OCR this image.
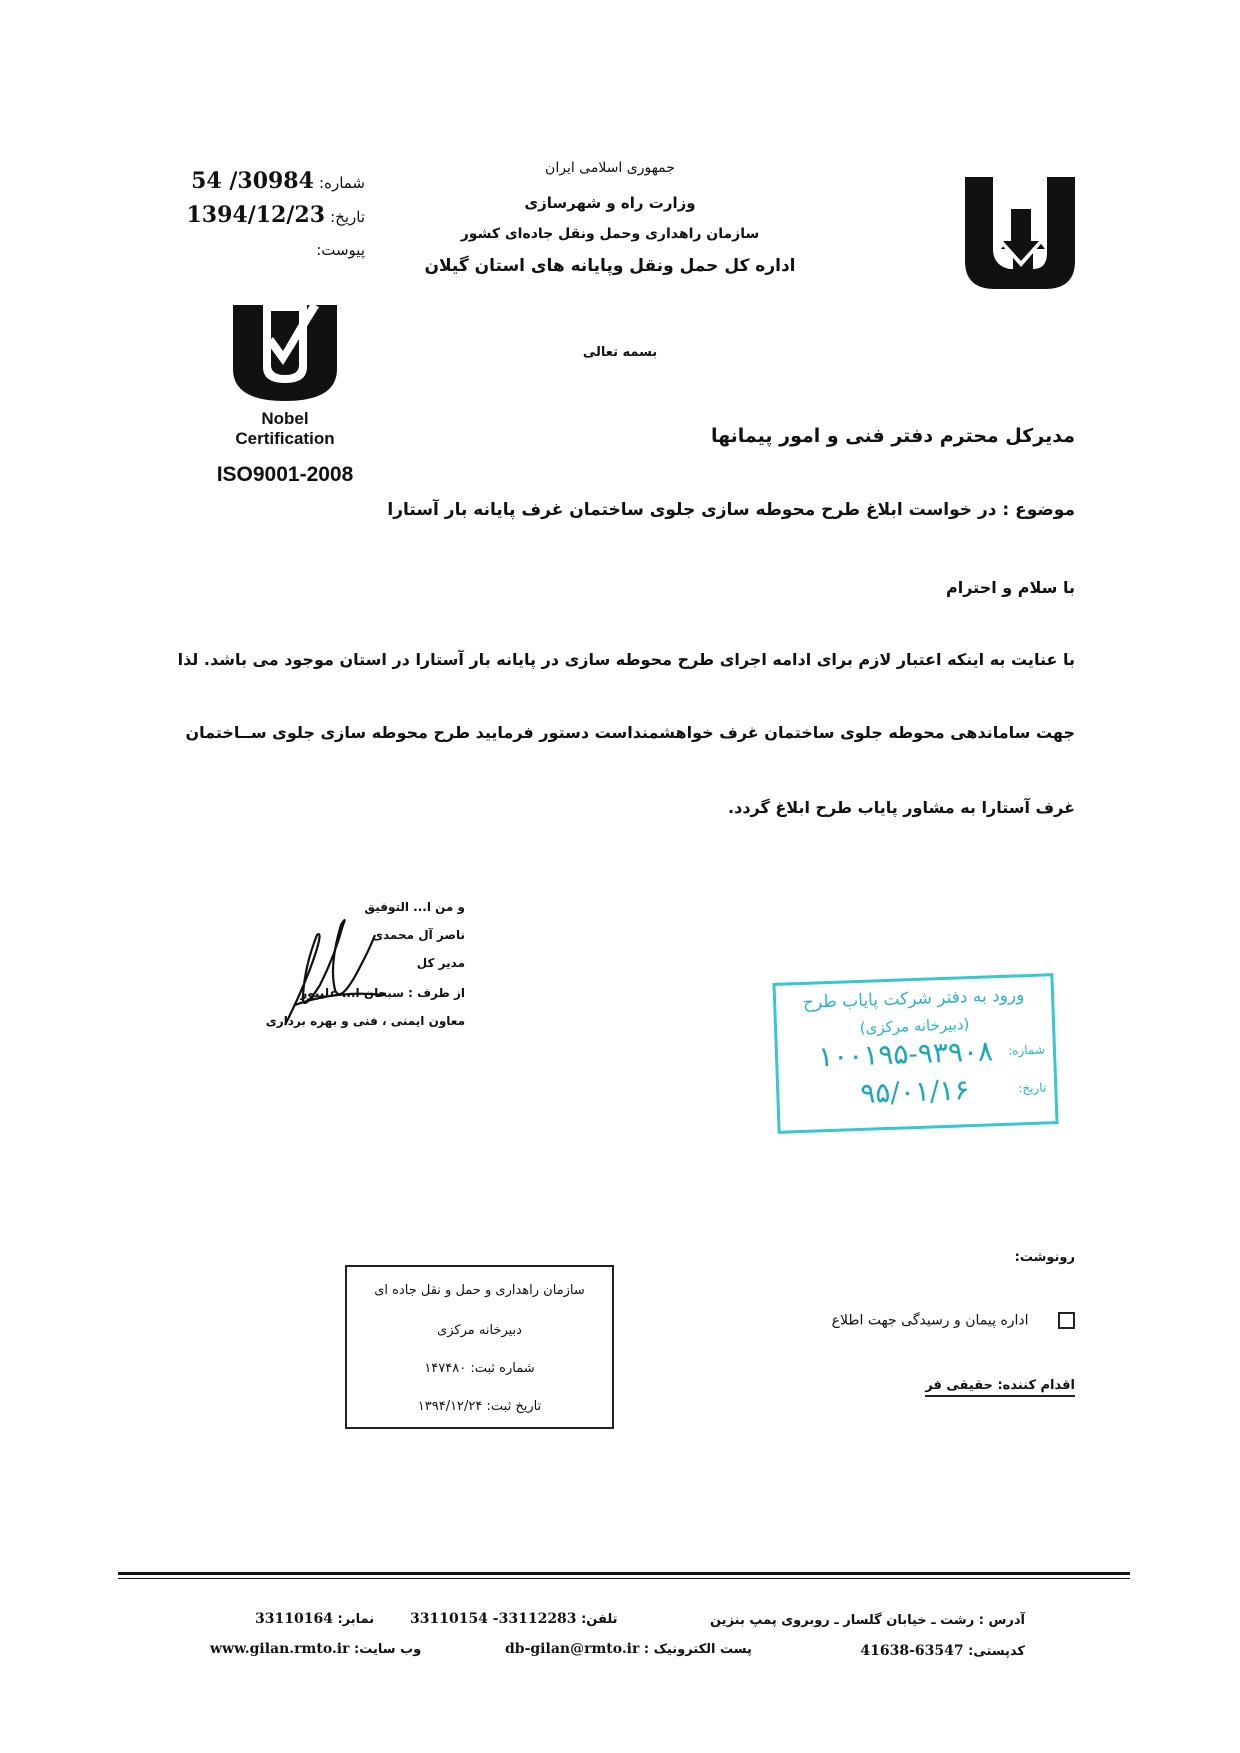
جمهوری اسلامی ایران
وزارت راه و شهرسازی
سازمان راهداری وحمل ونقل جاده‌ای کشور
اداره کل حمل ونقل وپایانه های استان گیلان
شماره: 54 /30984
تاریخ: 1394/12/23
پیوست:
Nobel
Certification
ISO9001-2008
بسمه تعالی
مدیرکل محترم دفتر فنی و امور پیمانها
موضوع : در خواست ابلاغ طرح محوطه سازی جلوی ساختمان غرف پایانه بار آستارا
با سلام و احترام
با عنایت به اینکه اعتبار لازم برای ادامه اجرای طرح محوطه سازی در پایانه بار آستارا در استان موجود می باشد. لذا
جهت ساماندهی محوطه جلوی ساختمان غرف خواهشمنداست دستور فرمایید طرح محوطه سازی جلوی ســاختمان
غرف آستارا به مشاور پایاب طرح ابلاغ گردد.
و من ا... التوفیق
ناصر آل محمدی
مدیر کل
از طرف : سبحان ا... علیپور
معاون ایمنی ، فنی و بهره برداری
ورود به دفتر شرکت پایاب طرح
(دبیرخانه مرکزی)
شماره:
۱۰۰۱۹۵-۹۳۹۰۸
تاریخ:
۹۵/۰۱/۱۶
رونوشت:
اداره پیمان و رسیدگی جهت اطلاع
اقدام کننده: حقیقی فر
سازمان راهداری و حمل و نقل جاده ای
دبیرخانه مرکزی
شماره ثبت: ۱۴۷۴۸۰
تاریخ ثبت: ۱۳۹۴/۱۲/۲۴
آدرس : رشت ـ خیابان گلسار ـ روبروی پمپ بنزین
تلفن: 33110154 -33112283
نمابر: 33110164
کدپستی: 41638-63547
پست الکترونیک : db-gilan@rmto.ir
وب سایت: www.gilan.rmto.ir
